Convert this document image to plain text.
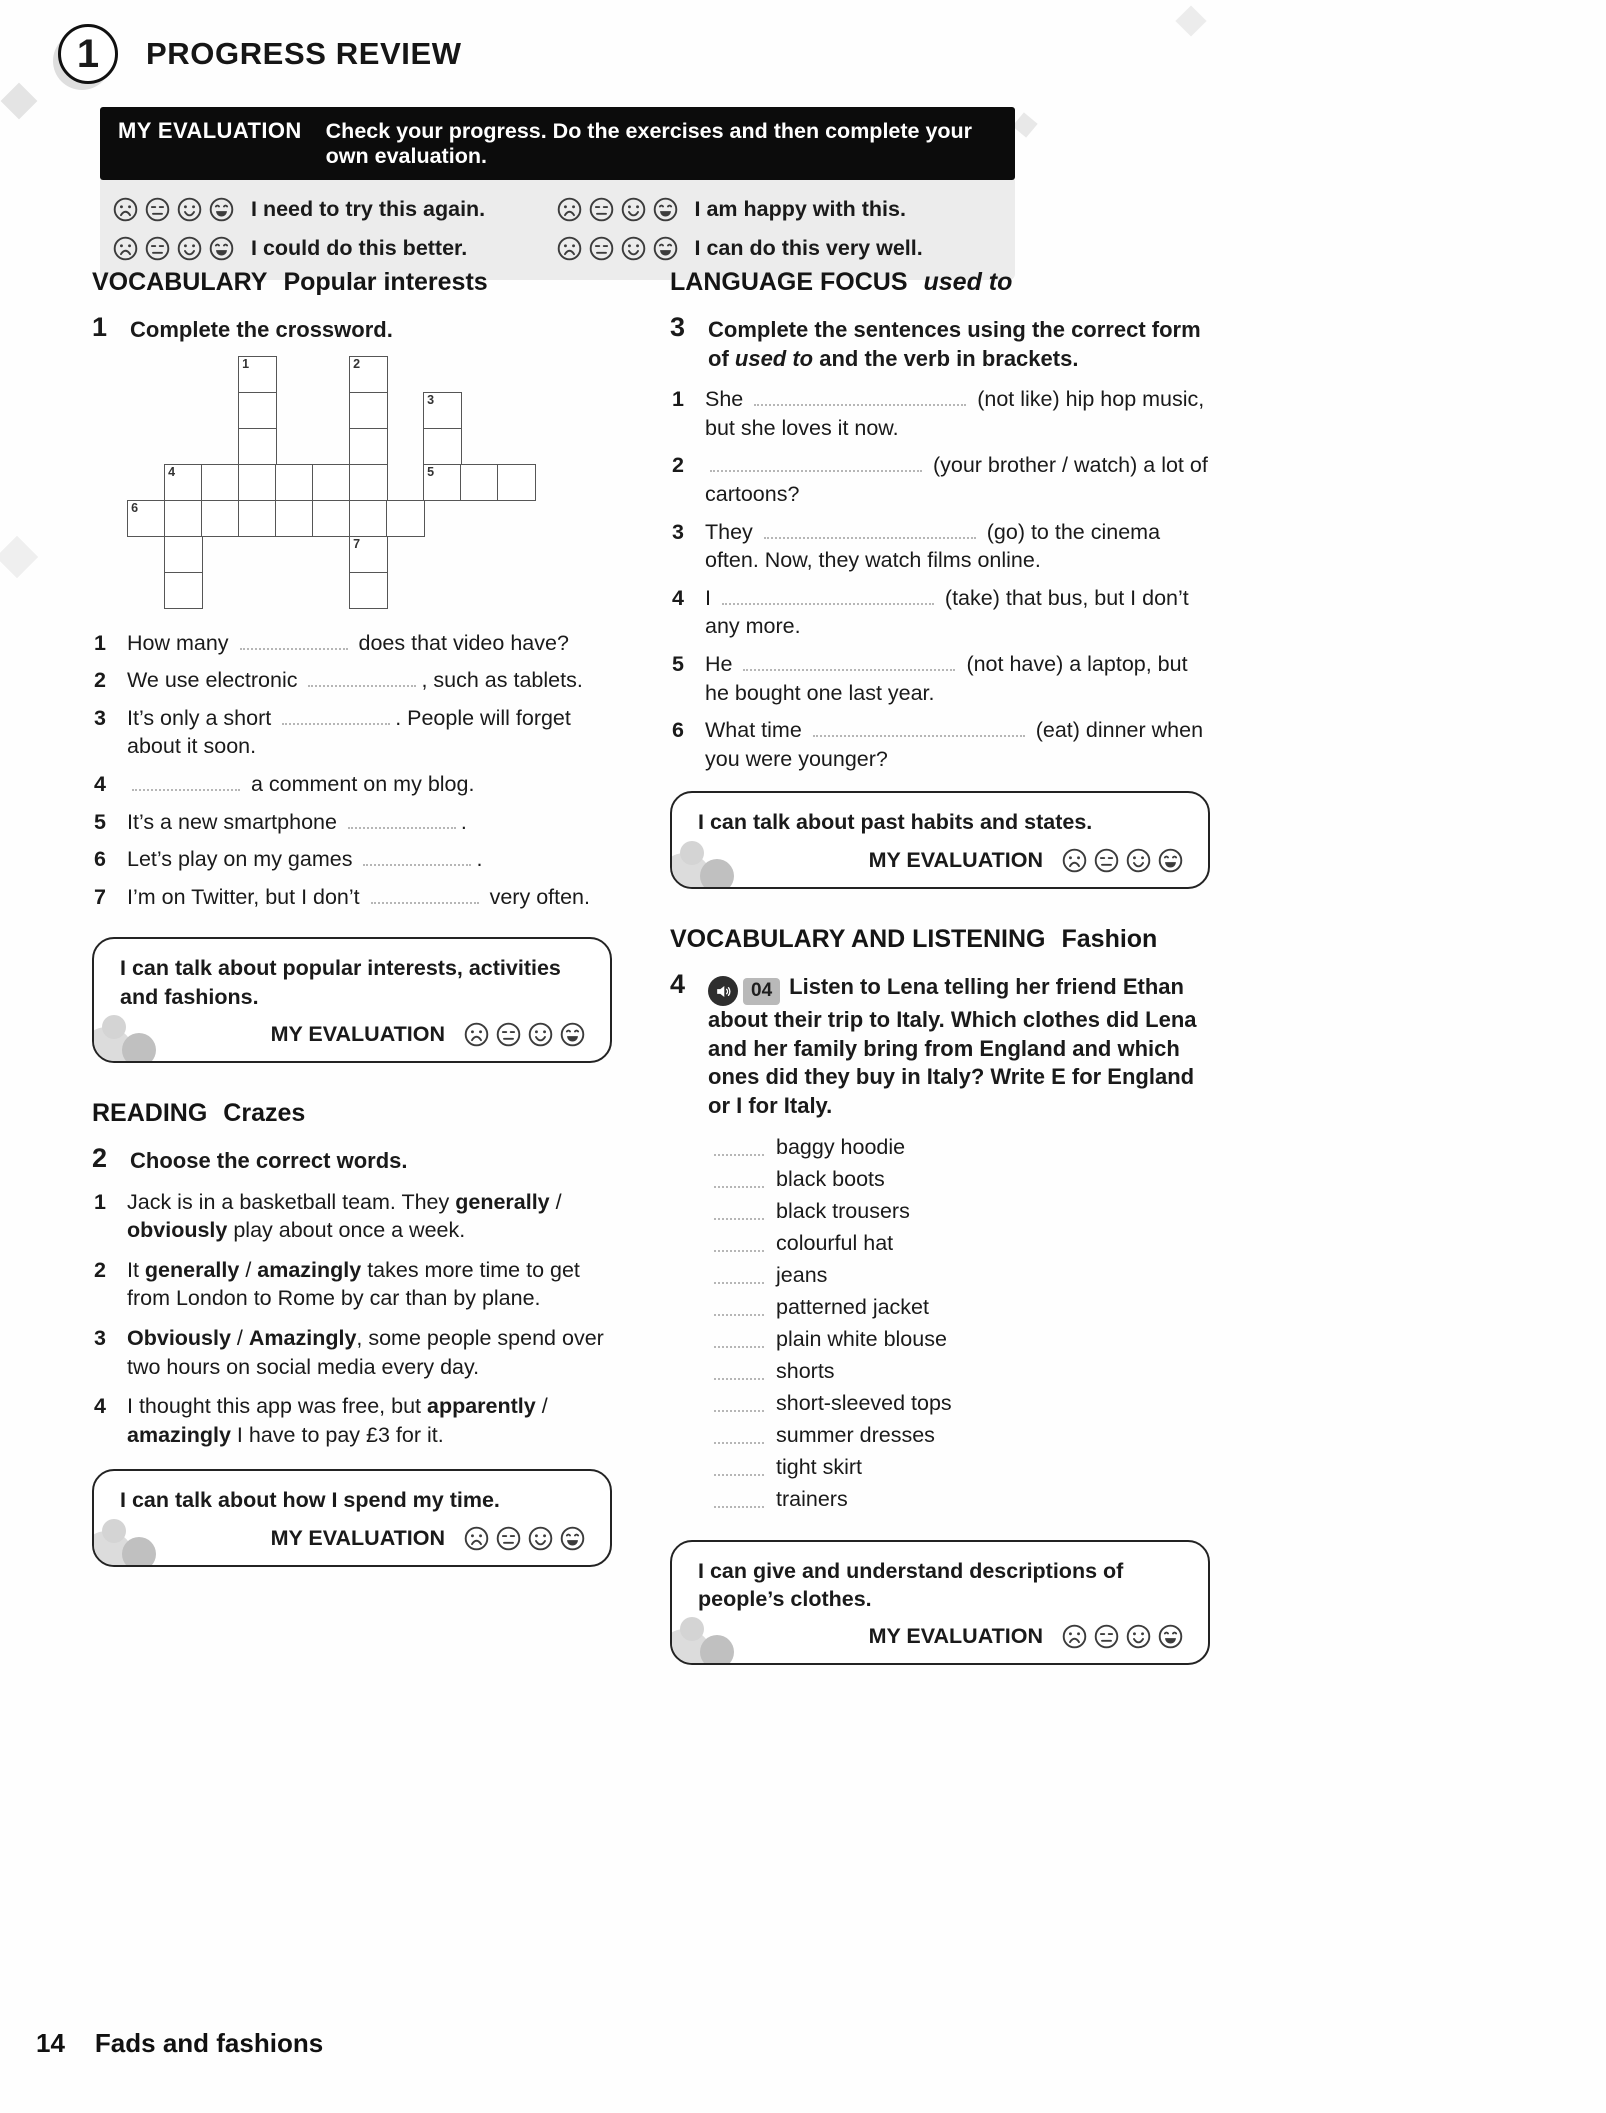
1 PROGRESS REVIEW
MY EVALUATION Check your progress. Do the exercises and then complete your own evaluation.
I need to try this again.	I am happy with this.
I could do this better.	I can do this very well.
VOCABULARY Popular interests
1	Complete the crossword.
1	2
3
4	5
6
7
1 How many	does that video have?
2 We use electronic	, such as tablets.
3 It’s only a short	. People will forget about it soon.
4	a comment on my blog.
5 It’s a new smartphone	.
6 Let’s play on my games	.
7 I’m on Twitter, but I don’t	very often.
I can talk about popular interests, activities and fashions.
MY EVALUATION
READING Crazes
2	Choose the correct words.
1 Jack is in a basketball team. They generally / obviously play about once a week.
2 It generally / amazingly takes more time to get from London to Rome by car than by plane.
3 Obviously / Amazingly, some people spend over two hours on social media every day.
4 I thought this app was free, but apparently / amazingly I have to pay £3 for it.
I can talk about how I spend my time.
MY EVALUATION
LANGUAGE FOCUS used to
3	Complete the sentences using the correct form of used to and the verb in brackets.
1 She	(not like) hip hop music, but she loves it now.
2	(your brother / watch) a lot of cartoons?
3 They	(go) to the cinema often. Now, they watch films online.
4 I	(take) that bus, but I don’t any more.
5 He	(not have) a laptop, but he bought one last year.
6 What time	(eat) dinner when you were younger?
I can talk about past habits and states.
MY EVALUATION
VOCABULARY AND LISTENING Fashion
4	04 Listen to Lena telling her friend Ethan about their trip to Italy. Which clothes did Lena and her family bring from England and which ones did they buy in Italy? Write E for England or I for Italy.
baggy hoodie
black boots
black trousers
colourful hat
jeans
patterned jacket
plain white blouse
shorts
short-sleeved tops
summer dresses
tight skirt
trainers
I can give and understand descriptions of people’s clothes.
MY EVALUATION
14 Fads and fashions
